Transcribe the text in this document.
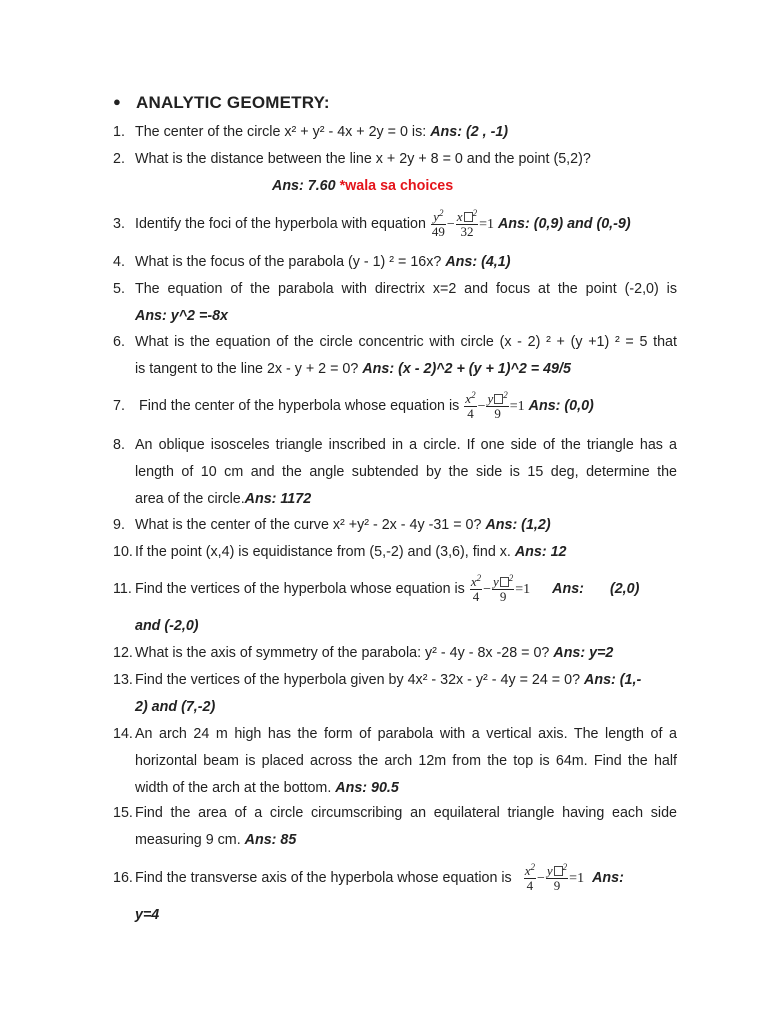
● ANALYTIC GEOMETRY:
1. The center of the circle x² + y² - 4x + 2y = 0 is: Ans: (2 , -1)
2. What is the distance between the line x + 2y + 8 = 0 and the point (5,2)?
Ans: 7.60 *wala sa choices
3. Identify the foci of the hyperbola with equation $\frac{y^2}{49} - \frac{x ^2}{32} =1$ Ans: (0,9) and (0,-9)
4. What is the focus of the parabola (y - 1) ² = 16x? Ans: (4,1)
5. The equation of the parabola with directrix x=2 and focus at the point (-2,0) is
Ans: y^2 =-8x
6. What is the equation of the circle concentric with circle (x - 2) ² + (y +1) ² = 5 that
is tangent to the line 2x - y + 2 = 0? Ans: (x - 2)^2 + (y + 1)^2 = 49/5
7. Find the center of the hyperbola whose equation is $\frac{x^2}{4} - \frac{y ^2}{9} =1$ Ans: (0,0)
8. An oblique isosceles triangle inscribed in a circle. If one side of the triangle has a
length of 10 cm and the angle subtended by the side is 15 deg, determine the
area of the circle.Ans: 1172
9. What is the center of the curve x² +y² - 2x - 4y -31 = 0? Ans: (1,2)
10. If the point (x,4) is equidistance from (5,-2) and (3,6), find x. Ans: 12
11. Find the vertices of the hyperbola whose equation is $\frac{x^2}{4} - \frac{y ^2}{9} =1$ Ans: (2,0)
and (-2,0)
12. What is the axis of symmetry of the parabola: y² - 4y - 8x -28 = 0? Ans: y=2
13. Find the vertices of the hyperbola given by 4x² - 32x - y² - 4y = 24 = 0? Ans: (1,-
2) and (7,-2)
14. An arch 24 m high has the form of parabola with a vertical axis. The length of a
horizontal beam is placed across the arch 12m from the top is 64m. Find the half
width of the arch at the bottom. Ans: 90.5
15. Find the area of a circle circumscribing an equilateral triangle having each side
measuring 9 cm. Ans: 85
16. Find the transverse axis of the hyperbola whose equation is $\frac{x^2}{4} - \frac{y ^2}{9} =1$ Ans:
y=4
